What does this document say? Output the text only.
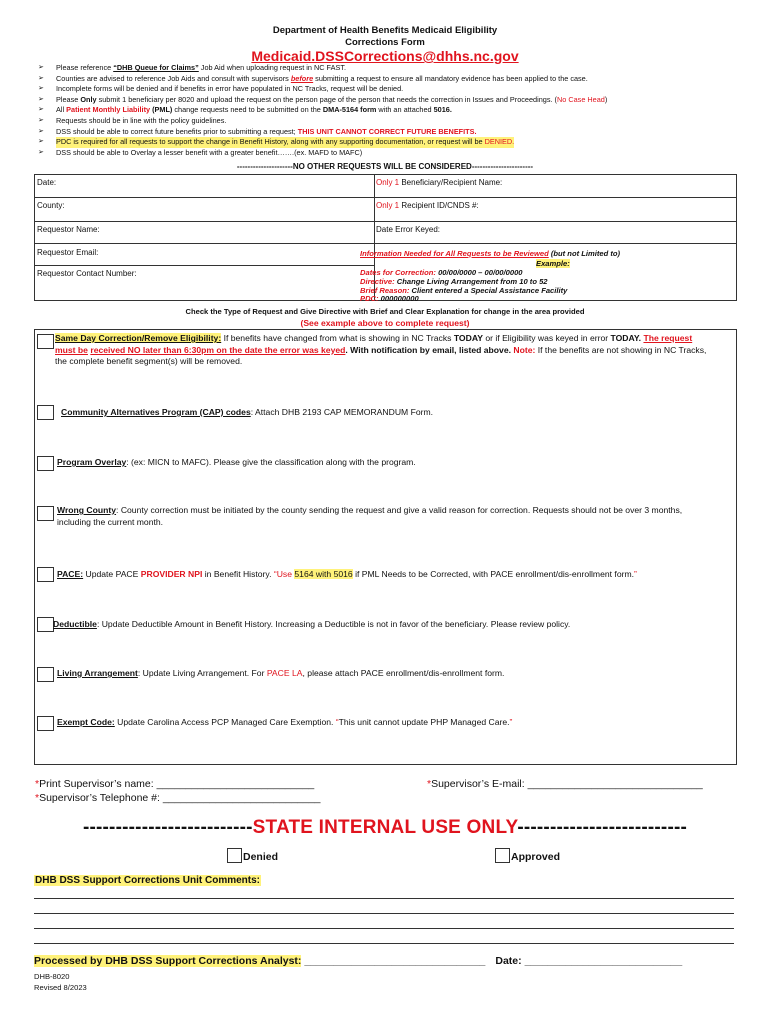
Department of Health Benefits Medicaid Eligibility
Corrections Form
Medicaid.DSSCorrections@dhhs.nc.gov
➢	Please reference “DHB Queue for Claims” Job Aid when uploading request in NC FAST.
➢	Counties are advised to reference Job Aids and consult with supervisors before submitting a request to ensure all mandatory evidence has been applied to the case.
➢	Incomplete forms will be denied and if benefits in error have populated in NC Tracks, request will be denied.
➢	Please Only submit 1 beneficiary per 8020 and upload the request on the person page of the person that needs the correction in Issues and Proceedings. (No Case Head)
➢	All Patient Monthly Liability (PML) change requests need to be submitted on the DMA-5164 form with an attached 5016.
➢	Requests should be in line with the policy guidelines.
➢	DSS should be able to correct future benefits prior to submitting a request; THIS UNIT CANNOT CORRECT FUTURE BENEFITS.
➢	PDC is required for all requests to support the change in Benefit History, along with any supporting documentation, or request will be DENIED.
➢	DSS should be able to Overlay a lesser benefit with a greater benefit…….(ex. MAFD to MAFC)
---------------------NO OTHER REQUESTS WILL BE CONSIDERED-----------------------
Date:	Only 1 Beneficiary/Recipient Name:
County:	Only 1 Recipient ID/CNDS #:
Requestor Name:	Date Error Keyed:
Requestor Email:
Requestor Contact Number:
Information Needed for All Requests to be Reviewed (but not Limited to)
Example:
Dates for Correction: 00/00/0000 – 00/00/0000
Directive: Change Living Arrangement from 10 to 52
Brief Reason: Client entered a Special Assistance Facility
PDC: 000000000
Check the Type of Request and Give Directive with Brief and Clear Explanation for change in the area provided
(See example above to complete request)
Same Day Correction/Remove Eligibility: If benefits have changed from what is showing in NC Tracks TODAY or if Eligibility was keyed in error TODAY. The request must be received NO later than 6:30pm on the date the error was keyed. With notification by email, listed above. Note: If the benefits are not showing in NC Tracks, the complete benefit segment(s) will be removed.
Community Alternatives Program (CAP) codes: Attach DHB 2193 CAP MEMORANDUM Form.
Program Overlay: (ex: MICN to MAFC). Please give the classification along with the program.
Wrong County: County correction must be initiated by the county sending the request and give a valid reason for correction. Requests should not be over 3 months, including the current month.
PACE: Update PACE PROVIDER NPI in Benefit History. “Use 5164 with 5016 if PML Needs to be Corrected, with PACE enrollment/dis-enrollment form.”
Deductible: Update Deductible Amount in Benefit History. Increasing a Deductible is not in favor of the beneficiary. Please review policy.
Living Arrangement: Update Living Arrangement. For PACE LA, please attach PACE enrollment/dis-enrollment form.
Exempt Code: Update Carolina Access PCP Managed Care Exemption. “This unit cannot update PHP Managed Care.”
*Print Supervisor’s name: ___________________________	*Supervisor’s E-mail: ______________________________
*Supervisor’s Telephone #: ___________________________
--------------------------STATE INTERNAL USE ONLY--------------------------
Denied	Approved
DHB DSS Support Corrections Unit Comments:
Processed by DHB DSS Support Corrections Analyst: _______________________________ Date: ___________________________
DHB-8020
Revised 8/2023
